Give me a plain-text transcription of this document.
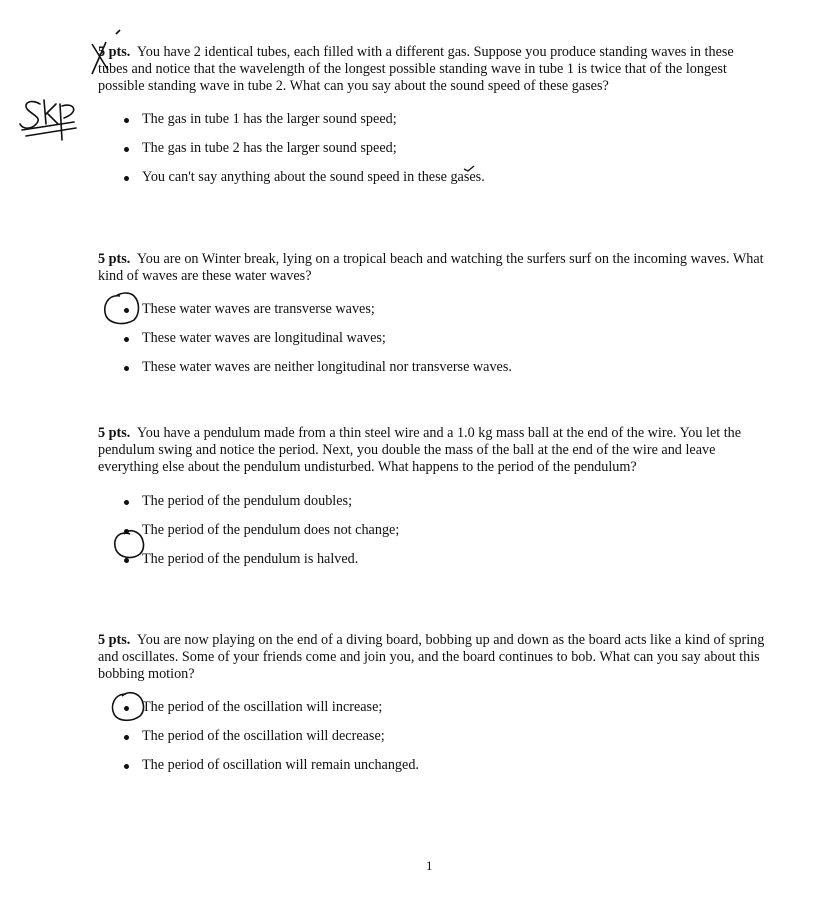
5 pts. You have 2 identical tubes, each filled with a different gas. Suppose you produce standing waves in these tubes and notice that the wavelength of the longest possible standing wave in tube 1 is twice that of the longest possible standing wave in tube 2. What can you say about the sound speed of these gases?

The gas in tube 1 has the larger sound speed;
The gas in tube 2 has the larger sound speed;
You can't say anything about the sound speed in these gases.

5 pts. You are on Winter break, lying on a tropical beach and watching the surfers surf on the incoming waves. What kind of waves are these water waves?

These water waves are transverse waves;
These water waves are longitudinal waves;
These water waves are neither longitudinal nor transverse waves.

5 pts. You have a pendulum made from a thin steel wire and a 1.0 kg mass ball at the end of the wire. You let the pendulum swing and notice the period. Next, you double the mass of the ball at the end of the wire and leave everything else about the pendulum undisturbed. What happens to the period of the pendulum?

The period of the pendulum doubles;
The period of the pendulum does not change;
The period of the pendulum is halved.

5 pts. You are now playing on the end of a diving board, bobbing up and down as the board acts like a kind of spring and oscillates. Some of your friends come and join you, and the board continues to bob. What can you say about this bobbing motion?

The period of the oscillation will increase;
The period of the oscillation will decrease;
The period of oscillation will remain unchanged.
1
